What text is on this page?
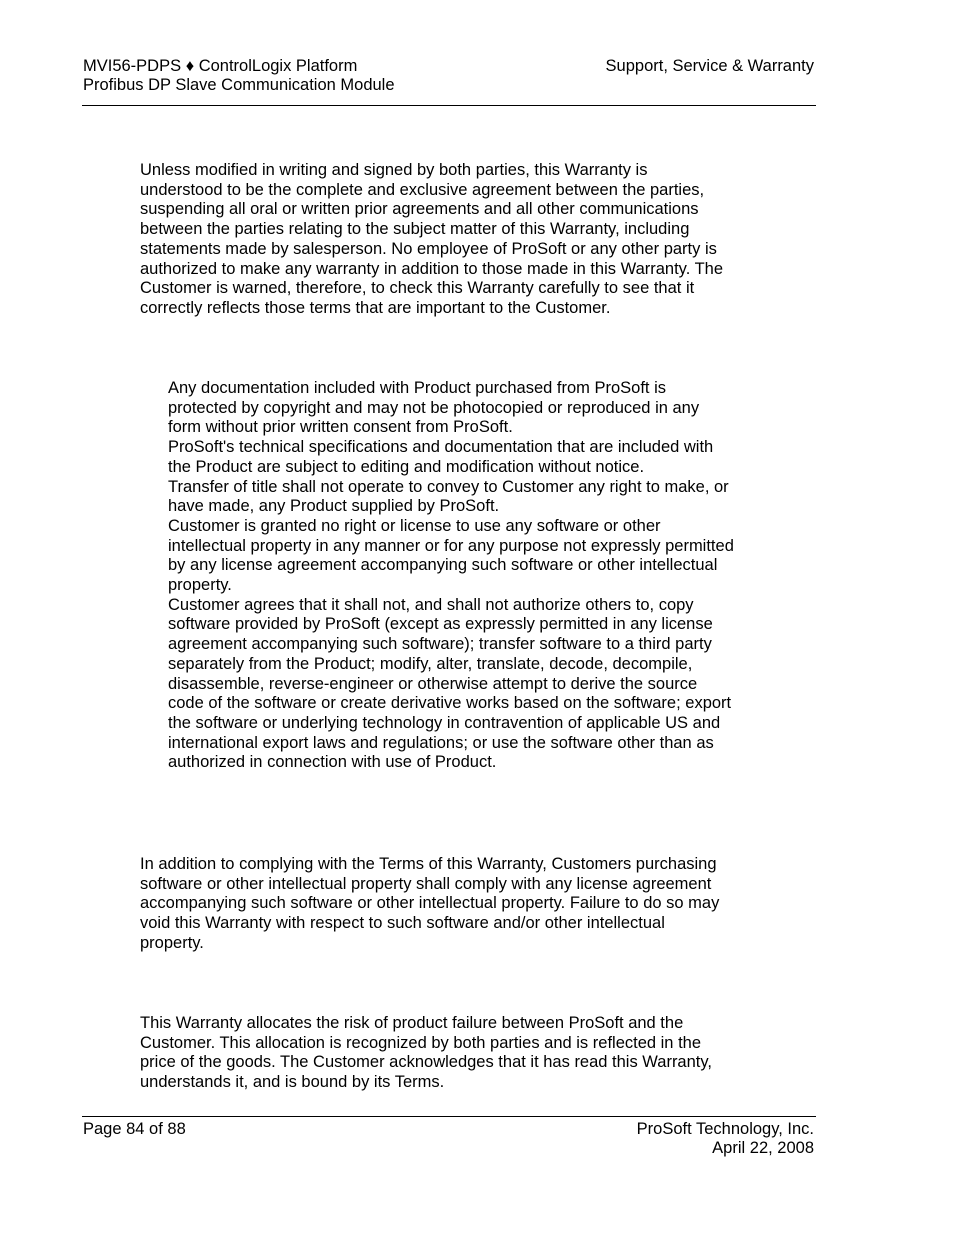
MVI56-PDPS ♦ ControlLogix Platform
Profibus DP Slave Communication Module
Support, Service & Warranty
Unless modified in writing and signed by both parties, this Warranty is
understood to be the complete and exclusive agreement between the parties,
suspending all oral or written prior agreements and all other communications
between the parties relating to the subject matter of this Warranty, including
statements made by salesperson. No employee of ProSoft or any other party is
authorized to make any warranty in addition to those made in this Warranty. The
Customer is warned, therefore, to check this Warranty carefully to see that it
correctly reflects those terms that are important to the Customer.
Any documentation included with Product purchased from ProSoft is
protected by copyright and may not be photocopied or reproduced in any
form without prior written consent from ProSoft.
ProSoft's technical specifications and documentation that are included with
the Product are subject to editing and modification without notice.
Transfer of title shall not operate to convey to Customer any right to make, or
have made, any Product supplied by ProSoft.
Customer is granted no right or license to use any software or other
intellectual property in any manner or for any purpose not expressly permitted
by any license agreement accompanying such software or other intellectual
property.
Customer agrees that it shall not, and shall not authorize others to, copy
software provided by ProSoft (except as expressly permitted in any license
agreement accompanying such software); transfer software to a third party
separately from the Product; modify, alter, translate, decode, decompile,
disassemble, reverse-engineer or otherwise attempt to derive the source
code of the software or create derivative works based on the software; export
the software or underlying technology in contravention of applicable US and
international export laws and regulations; or use the software other than as
authorized in connection with use of Product.
In addition to complying with the Terms of this Warranty, Customers purchasing
software or other intellectual property shall comply with any license agreement
accompanying such software or other intellectual property. Failure to do so may
void this Warranty with respect to such software and/or other intellectual
property.
This Warranty allocates the risk of product failure between ProSoft and the
Customer. This allocation is recognized by both parties and is reflected in the
price of the goods. The Customer acknowledges that it has read this Warranty,
understands it, and is bound by its Terms.
Page 84 of 88	ProSoft Technology, Inc.
April 22, 2008
